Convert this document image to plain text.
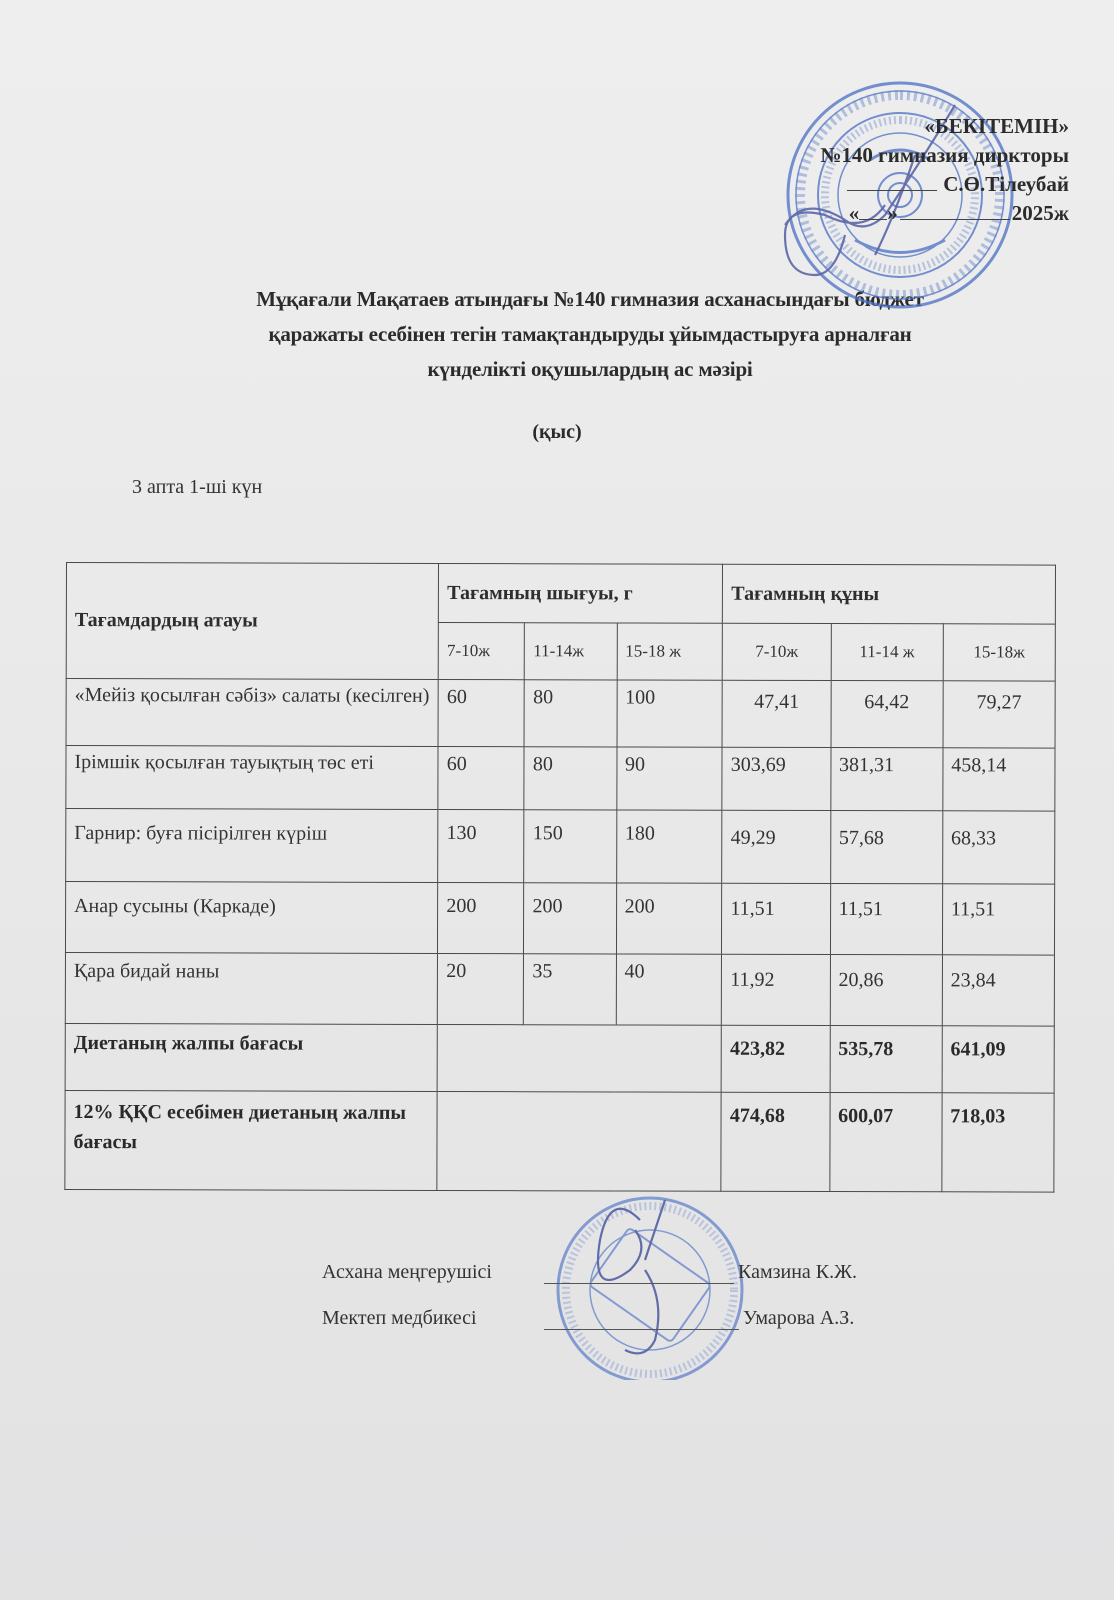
«БЕКІТЕМІН»
№140 гимназия диркторы
С.Ө.Тілеубай
« »	2025ж
Мұқағали Мақатаев атындағы №140 гимназия асханасындағы бюджет
қаражаты есебінен тегін тамақтандыруды ұйымдастыруға арналған
күнделікті оқушылардың ас мәзірі
(қыс)
3 апта 1-ші күн
Тағамдардың атауы	Тағамның шығуы, г			Тағамның құны		
	7-10ж	11-14ж	15-18 ж	7-10ж	11-14 ж	15-18ж
«Мейіз қосылған сәбіз» салаты (кесілген)	60	80	100	47,41	64,42	79,27
Ірімшік қосылған тауықтың төс еті	60	80	90	303,69	381,31	458,14
Гарнир: буға пісірілген күріш	130	150	180	49,29	57,68	68,33
Анар сусыны (Каркаде)	200	200	200	11,51	11,51	11,51
Қара бидай наны	20	35	40	11,92	20,86	23,84
Диетаның жалпы бағасы				423,82	535,78	641,09
12% ҚҚС есебімен диетаның жалпы бағасы				474,68	600,07	718,03
Асхана меңгерушісі	Камзина К.Ж.
Мектеп медбикесі	Умарова А.З.
